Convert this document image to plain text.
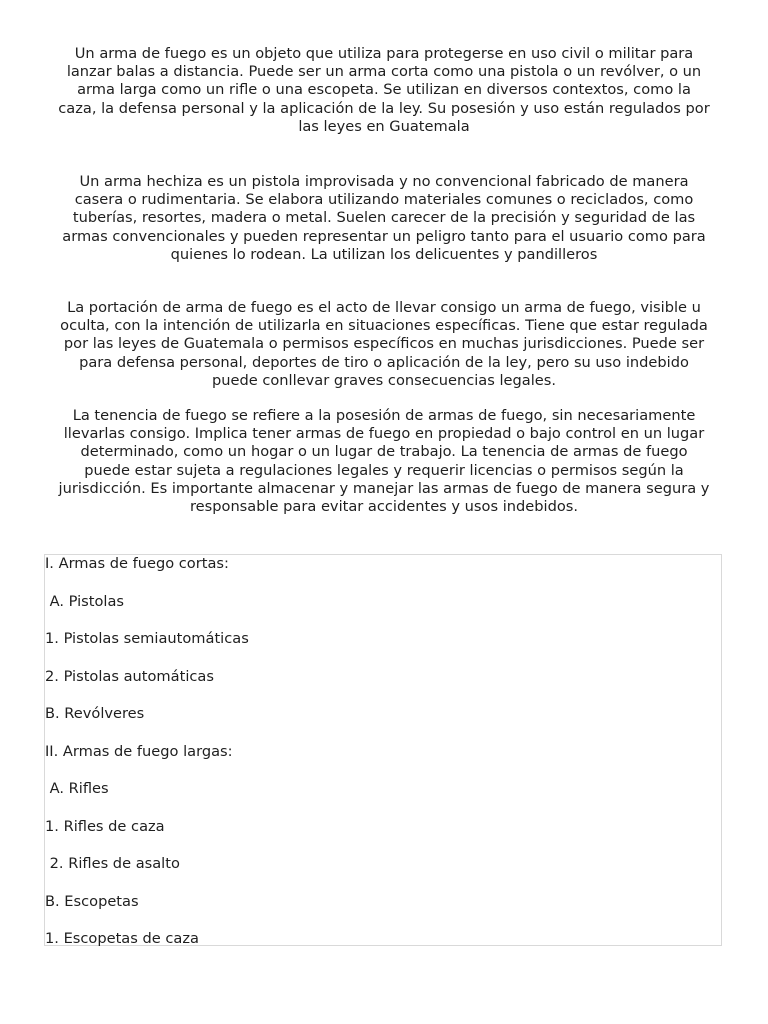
Un arma de fuego es un objeto que utiliza para protegerse en uso civil o militar para
lanzar balas a distancia. Puede ser un arma corta como una pistola o un revólver, o un
arma larga como un rifle o una escopeta. Se utilizan en diversos contextos, como la
caza, la defensa personal y la aplicación de la ley. Su posesión y uso están regulados por
las leyes en Guatemala

Un arma hechiza es un pistola improvisada y no convencional fabricado de manera
casera o rudimentaria. Se elabora utilizando materiales comunes o reciclados, como
tuberías, resortes, madera o metal. Suelen carecer de la precisión y seguridad de las
armas convencionales y pueden representar un peligro tanto para el usuario como para
quienes lo rodean. La utilizan los delicuentes y pandilleros

La portación de arma de fuego es el acto de llevar consigo un arma de fuego, visible u
oculta, con la intención de utilizarla en situaciones específicas. Tiene que estar regulada
por las leyes de Guatemala o permisos específicos en muchas jurisdicciones. Puede ser
para defensa personal, deportes de tiro o aplicación de la ley, pero su uso indebido
puede conllevar graves consecuencias legales.

La tenencia de fuego se refiere a la posesión de armas de fuego, sin necesariamente
llevarlas consigo. Implica tener armas de fuego en propiedad o bajo control en un lugar
determinado, como un hogar o un lugar de trabajo. La tenencia de armas de fuego
puede estar sujeta a regulaciones legales y requerir licencias o permisos según la
jurisdicción. Es importante almacenar y manejar las armas de fuego de manera segura y
responsable para evitar accidentes y usos indebidos.

I. Armas de fuego cortas:

A. Pistolas

1. Pistolas semiautomáticas

2. Pistolas automáticas

B. Revólveres

II. Armas de fuego largas:

A. Rifles

1. Rifles de caza

2. Rifles de asalto

B. Escopetas

1. Escopetas de caza
